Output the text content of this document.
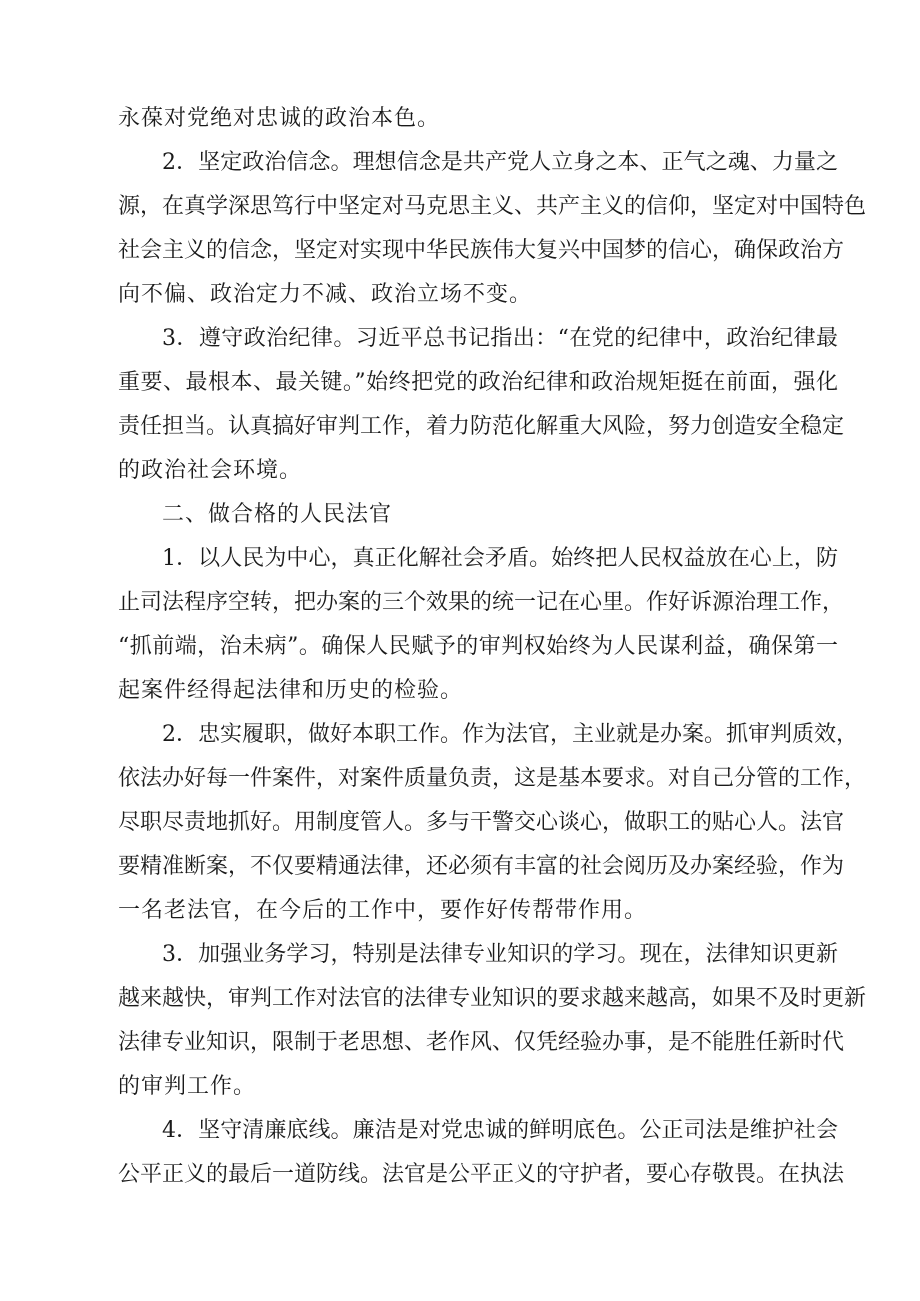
永葆对党绝对忠诚的政治本色。
2．坚定政治信念。理想信念是共产党人立身之本、正气之魂、力量之
源，在真学深思笃行中坚定对马克思主义、共产主义的信仰，坚定对中国特色
社会主义的信念，坚定对实现中华民族伟大复兴中国梦的信心，确保政治方
向不偏、政治定力不减、政治立场不变。
3．遵守政治纪律。习近平总书记指出：“在党的纪律中，政治纪律最
重要、最根本、最关键。”始终把党的政治纪律和政治规矩挺在前面，强化
责任担当。认真搞好审判工作，着力防范化解重大风险，努力创造安全稳定
的政治社会环境。
二、做合格的人民法官
1．以人民为中心，真正化解社会矛盾。始终把人民权益放在心上，防
止司法程序空转，把办案的三个效果的统一记在心里。作好诉源治理工作，
“抓前端，治未病”。确保人民赋予的审判权始终为人民谋利益，确保第一
起案件经得起法律和历史的检验。
2．忠实履职，做好本职工作。作为法官，主业就是办案。抓审判质效，
依法办好每一件案件，对案件质量负责，这是基本要求。对自己分管的工作，
尽职尽责地抓好。用制度管人。多与干警交心谈心，做职工的贴心人。法官
要精准断案，不仅要精通法律，还必须有丰富的社会阅历及办案经验，作为
一名老法官，在今后的工作中，要作好传帮带作用。
3．加强业务学习，特别是法律专业知识的学习。现在，法律知识更新
越来越快，审判工作对法官的法律专业知识的要求越来越高，如果不及时更新
法律专业知识，限制于老思想、老作风、仅凭经验办事，是不能胜任新时代
的审判工作。
4．坚守清廉底线。廉洁是对党忠诚的鲜明底色。公正司法是维护社会
公平正义的最后一道防线。法官是公平正义的守护者，要心存敬畏。在执法
